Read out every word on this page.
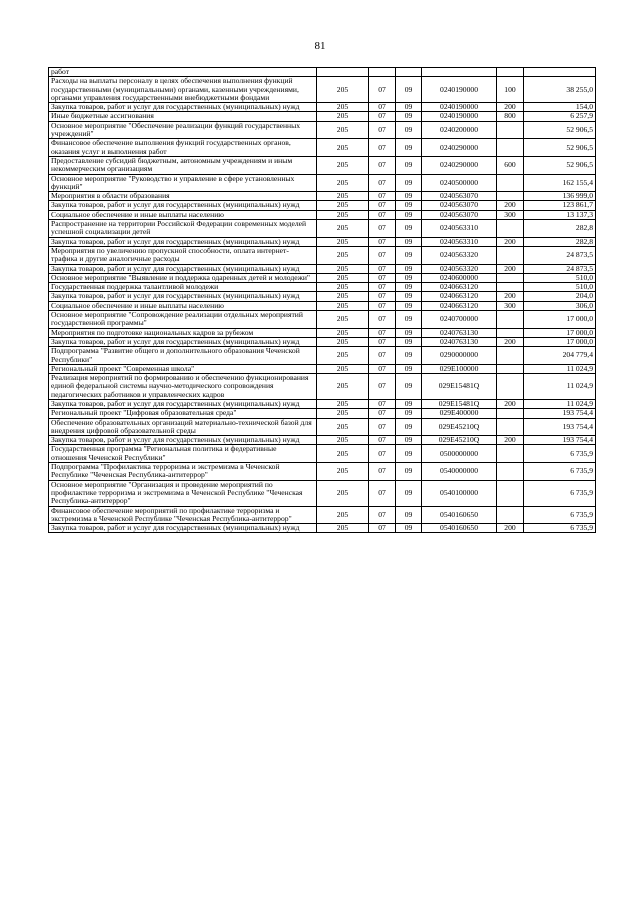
81
работ						
Расходы на выплаты персоналу в целях обеспечения выполнения функций государственными (муниципальными) органами, казенными учреждениями, органами управления государственными внебюджетными фондами	205	07	09	0240190000	100	38 255,0
Закупка товаров, работ и услуг для государственных (муниципальных) нужд	205	07	09	0240190000	200	154,0
Иные бюджетные ассигнования	205	07	09	0240190000	800	6 257,9
Основное мероприятие "Обеспечение реализации функций государственных учреждений"	205	07	09	0240200000		52 906,5
Финансовое обеспечение выполнения функций государственных органов, оказания услуг и выполнения работ	205	07	09	0240290000		52 906,5
Предоставление субсидий бюджетным, автономным учреждениям и иным некоммерческим организациям	205	07	09	0240290000	600	52 906,5
Основное мероприятие "Руководство и управление в сфере установленных функций"	205	07	09	0240500000		162 155,4
Мероприятия в области образования	205	07	09	0240563070		136 999,0
Закупка товаров, работ и услуг для государственных (муниципальных) нужд	205	07	09	0240563070	200	123 861,7
Социальное обеспечение и иные выплаты населению	205	07	09	0240563070	300	13 137,3
Распространение на территории Российской Федерации современных моделей успешной социализации детей	205	07	09	0240563310		282,8
Закупка товаров, работ и услуг для государственных (муниципальных) нужд	205	07	09	0240563310	200	282,8
Мероприятия по увеличению пропускной способности, оплата интернет-трафика и другие аналогичные расходы	205	07	09	0240563320		24 873,5
Закупка товаров, работ и услуг для государственных (муниципальных) нужд	205	07	09	0240563320	200	24 873,5
Основное мероприятие "Выявление и поддержка одаренных детей и молодежи"	205	07	09	0240600000		510,0
Государственная поддержка талантливой молодежи	205	07	09	0240663120		510,0
Закупка товаров, работ и услуг для государственных (муниципальных) нужд	205	07	09	0240663120	200	204,0
Социальное обеспечение и иные выплаты населению	205	07	09	0240663120	300	306,0
Основное мероприятие "Сопровождение реализации отдельных мероприятий государственной программы"	205	07	09	0240700000		17 000,0
Мероприятия по подготовке национальных кадров за рубежом	205	07	09	0240763130		17 000,0
Закупка товаров, работ и услуг для государственных (муниципальных) нужд	205	07	09	0240763130	200	17 000,0
Подпрограмма "Развитие общего и дополнительного образования Чеченской Республики"	205	07	09	0290000000		204 779,4
Региональный проект "Современная школа"	205	07	09	029E100000		11 024,9
Реализация мероприятий по формированию и обеспечению функционирования единой федеральной системы научно-методического сопровождения педагогических работников и управленческих кадров	205	07	09	029E15481Q		11 024,9
Закупка товаров, работ и услуг для государственных (муниципальных) нужд	205	07	09	029E15481Q	200	11 024,9
Региональный проект "Цифровая образовательная среда"	205	07	09	029E400000		193 754,4
Обеспечение образовательных организаций материально-технической базой для внедрения цифровой образовательной среды	205	07	09	029E45210Q		193 754,4
Закупка товаров, работ и услуг для государственных (муниципальных) нужд	205	07	09	029E45210Q	200	193 754,4
Государственная программа "Региональная политика и федеративные отношения Чеченской Республики"	205	07	09	0500000000		6 735,9
Подпрограмма "Профилактика терроризма и экстремизма в Чеченской Республике "Чеченская Республика-антитеррор"	205	07	09	0540000000		6 735,9
Основное мероприятие "Организация и проведение мероприятий по профилактике терроризма и экстремизма в Чеченской Республике "Чеченская Республика-антитеррор"	205	07	09	0540100000		6 735,9
Финансовое обеспечение мероприятий по профилактике терроризма и экстремизма в Чеченской Республике "Чеченская Республика-антитеррор"	205	07	09	0540160650		6 735,9
Закупка товаров, работ и услуг для государственных (муниципальных) нужд	205	07	09	0540160650	200	6 735,9
